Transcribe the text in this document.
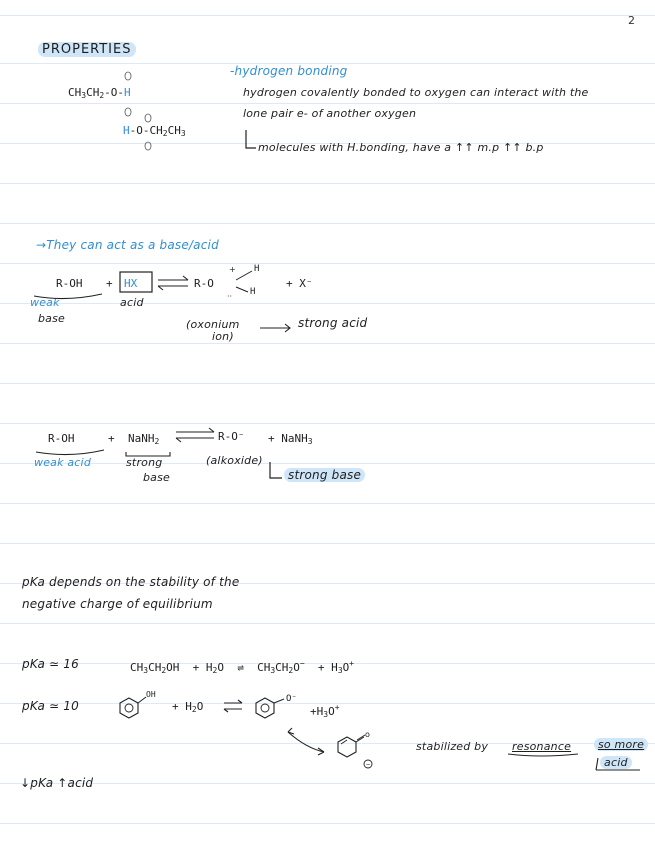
2
PROPERTIES
$CH_3CH_2-O-H$
$H-O-CH_2CH_3$
-hydrogen bonding
hydrogen covalently bonded to oxygen can interact with the
lone pair e- of another oxygen
molecules with H.bonding, have a ↑↑ m.p ↑↑ b.p
→They can act as a base/acid
R-OH + HX	R-O
H
H
+ X⁻
weak
base
acid
(oxonium
ion)
strong acid
R-OH	+ NaNH$_2$	R-O⁻ + NaNH$_3$
weak acid	strong
base
(alkoxide)
strong base
pKa depends on the stability of the
negative charge of equilibrium
pKa ≃ 16	$CH_3CH_2OH + H_2O$  ⇌  $CH_3CH_2O^- + H_3O^+$
pKa ≃ 10
OH
+ $H_2O$
O⁻
$+H_3O^+$
stabilized by resonance	so more
acid
↓pKa ↑acid
+
··
o
−
